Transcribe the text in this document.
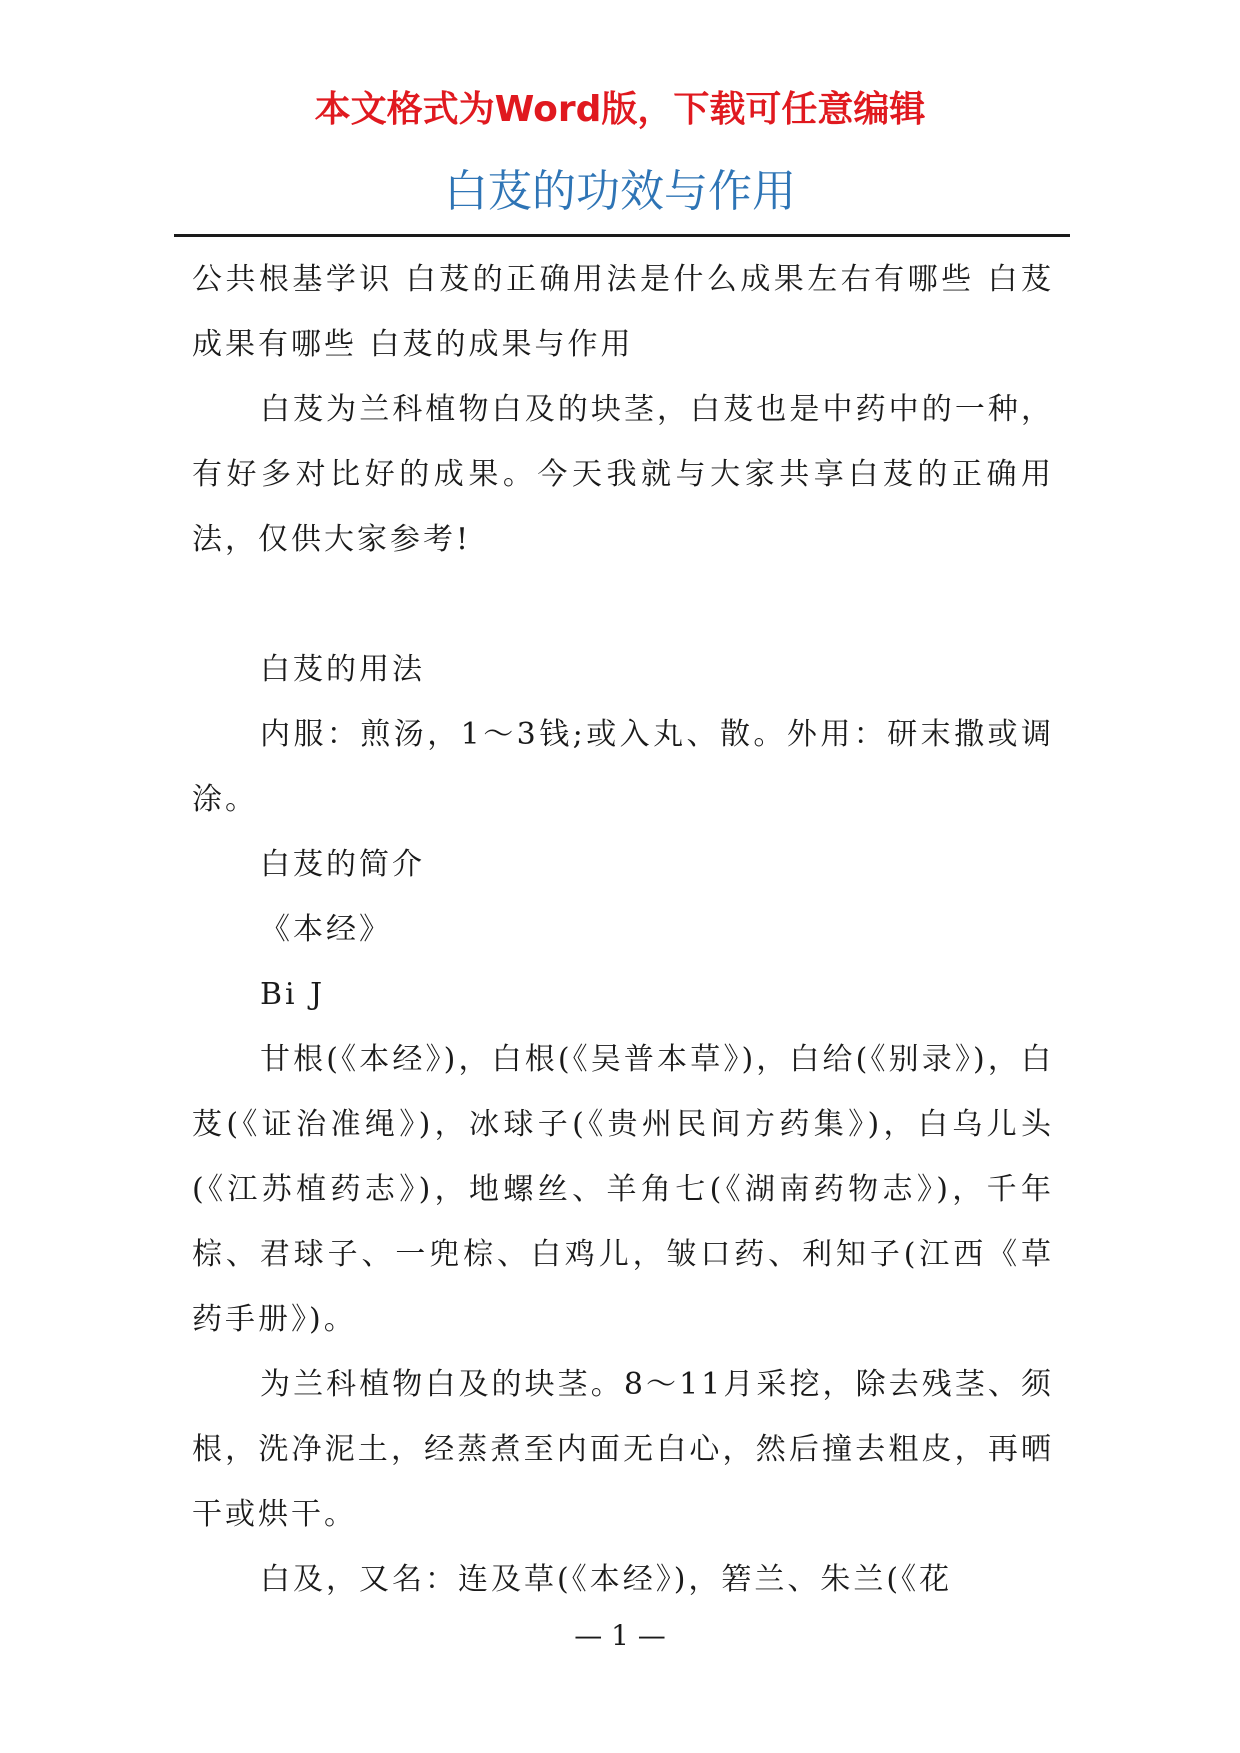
本文格式为Word版，下载可任意编辑
白芨的功效与作用

公共根基学识 白芨的正确用法是什么成果左右有哪些 白芨成果有哪些 白芨的成果与作用

白芨为兰科植物白及的块茎，白芨也是中药中的一种，有好多对比好的成果。今天我就与大家共享白芨的正确用法，仅供大家参考!

白芨的用法

内服：煎汤，1～3钱;或入丸、散。外用：研末撒或调涂。

白芨的简介

《本经》

Bi J

甘根(《本经》)，白根(《吴普本草》)，白给(《别录》)，白芨(《证治准绳》)，冰球子(《贵州民间方药集》)，白乌儿头(《江苏植药志》)，地螺丝、羊角七(《湖南药物志》)，千年棕、君球子、一兜棕、白鸡儿，皱口药、利知子(江西《草药手册》)。

为兰科植物白及的块茎。8～11月采挖，除去残茎、须根，洗净泥土，经蒸煮至内面无白心，然后撞去粗皮，再晒干或烘干。

白及，又名：连及草(《本经》)，箬兰、朱兰(《花

— 1 —
